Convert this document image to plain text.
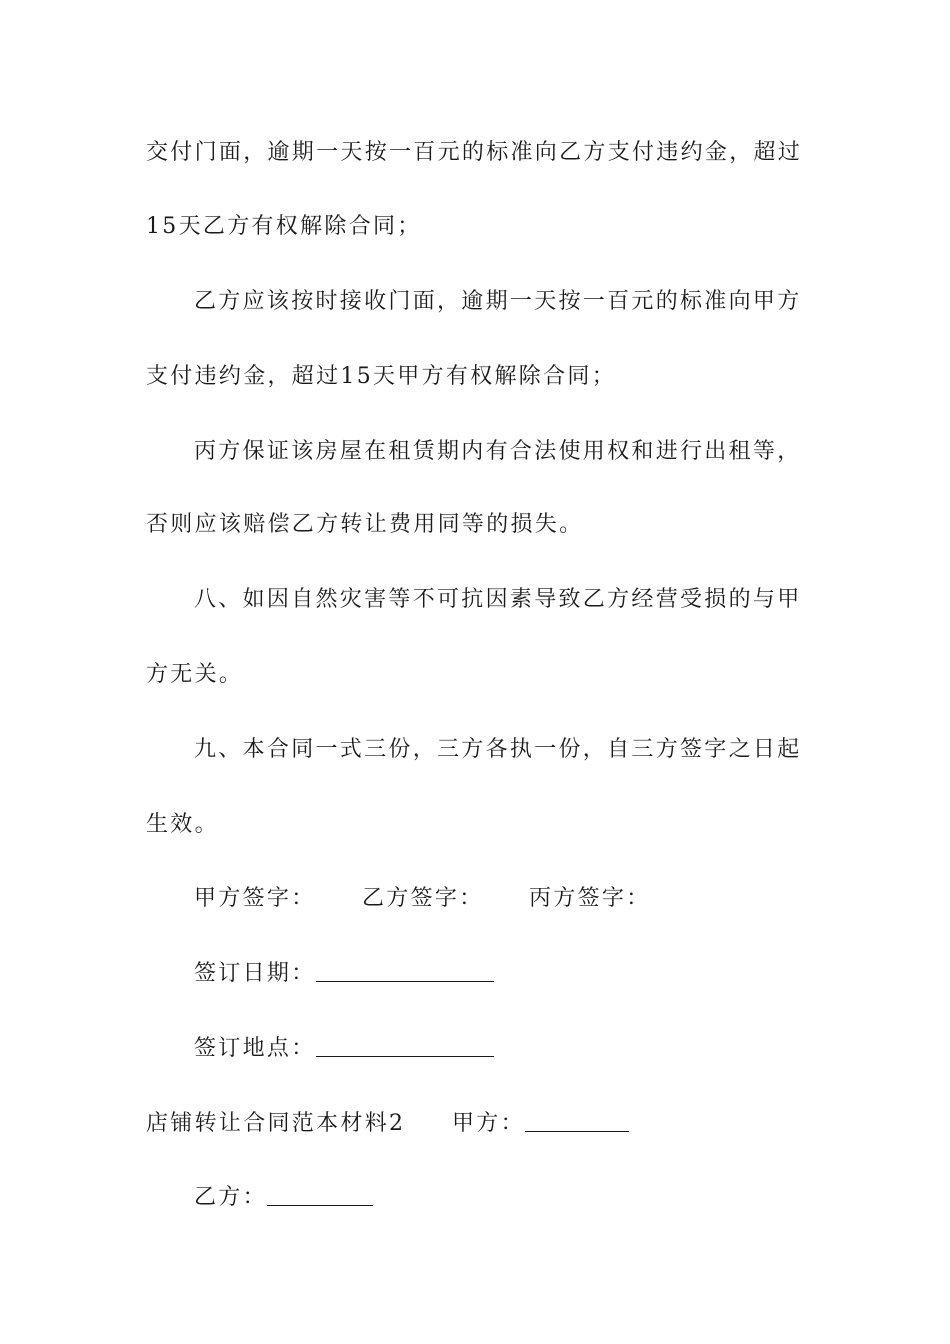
交付门面，逾期一天按一百元的标准向乙方支付违约金，超过
15天乙方有权解除合同；
乙方应该按时接收门面，逾期一天按一百元的标准向甲方
支付违约金，超过15天甲方有权解除合同；
丙方保证该房屋在租赁期内有合法使用权和进行出租等，
否则应该赔偿乙方转让费用同等的损失。
八、如因自然灾害等不可抗因素导致乙方经营受损的与甲
方无关。
九、本合同一式三份，三方各执一份，自三方签字之日起
生效。
甲方签字： 乙方签字： 丙方签字：
签订日期：
签订地点：
店铺转让合同范本材料2 甲方：
乙方：
